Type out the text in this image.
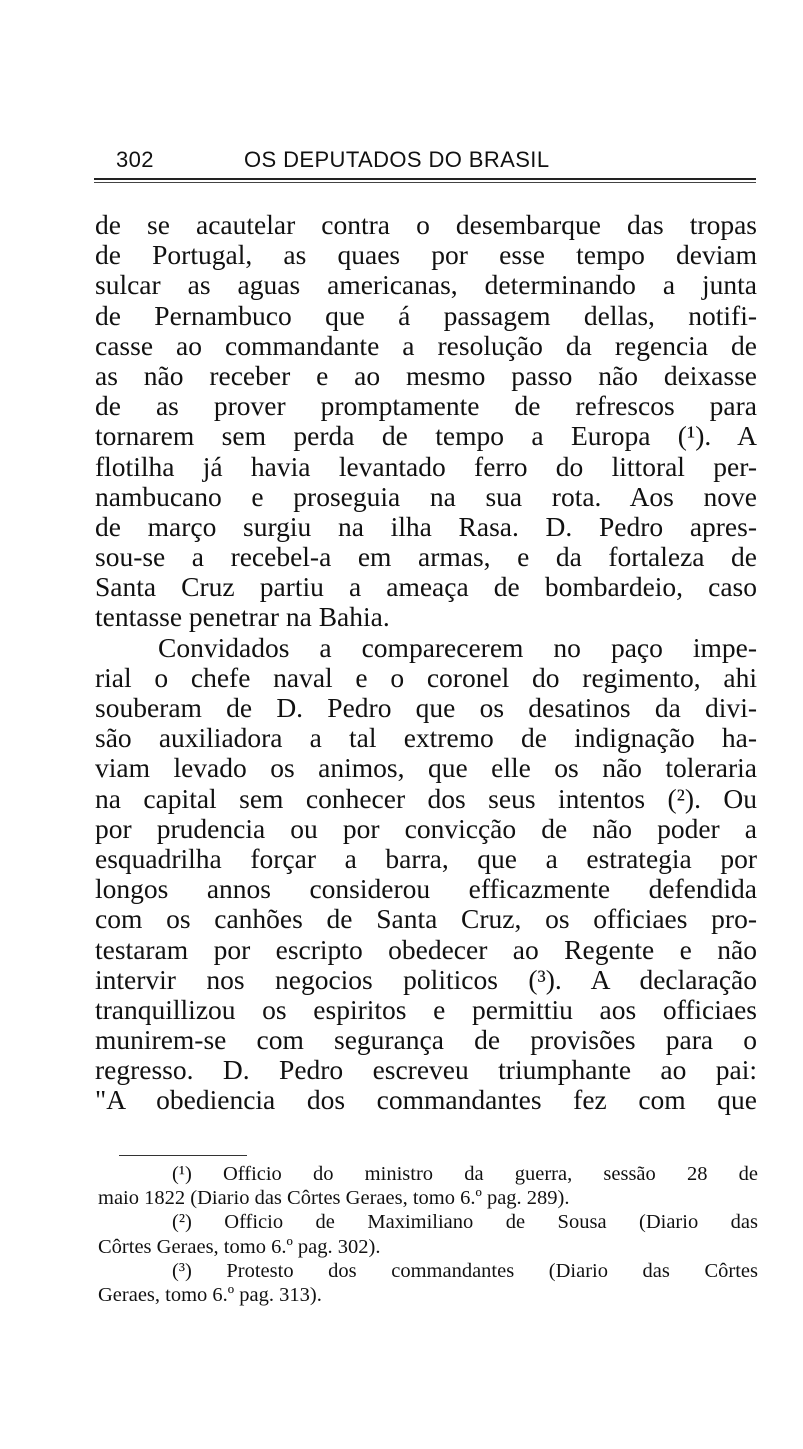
302	OS DEPUTADOS DO BRASIL
de se acautelar contra o desembarque das tropas
de Portugal, as quaes por esse tempo deviam
sulcar as aguas americanas, determinando a junta
de Pernambuco que á passagem dellas, notifi-
casse ao commandante a resolução da regencia de
as não receber e ao mesmo passo não deixasse
de as prover promptamente de refrescos para
tornarem sem perda de tempo a Europa (¹). A
flotilha já havia levantado ferro do littoral per-
nambucano e proseguia na sua rota. Aos nove
de março surgiu na ilha Rasa. D. Pedro apres-
sou-se a recebel-a em armas, e da fortaleza de
Santa Cruz partiu a ameaça de bombardeio, caso
tentasse penetrar na Bahia.
Convidados a comparecerem no paço impe-
rial o chefe naval e o coronel do regimento, ahi
souberam de D. Pedro que os desatinos da divi-
são auxiliadora a tal extremo de indignação ha-
viam levado os animos, que elle os não toleraria
na capital sem conhecer dos seus intentos (²). Ou
por prudencia ou por convicção de não poder a
esquadrilha forçar a barra, que a estrategia por
longos annos considerou efficazmente defendida
com os canhões de Santa Cruz, os officiaes pro-
testaram por escripto obedecer ao Regente e não
intervir nos negocios politicos (³). A declaração
tranquillizou os espiritos e permittiu aos officiaes
munirem-se com segurança de provisões para o
regresso. D. Pedro escreveu triumphante ao pai:
"A obediencia dos commandantes fez com que
(¹) Officio do ministro da guerra, sessão 28 de
maio 1822 (Diario das Côrtes Geraes, tomo 6.º pag. 289).
(²) Officio de Maximiliano de Sousa (Diario das
Côrtes Geraes, tomo 6.º pag. 302).
(³) Protesto dos commandantes (Diario das Côrtes
Geraes, tomo 6.º pag. 313).
